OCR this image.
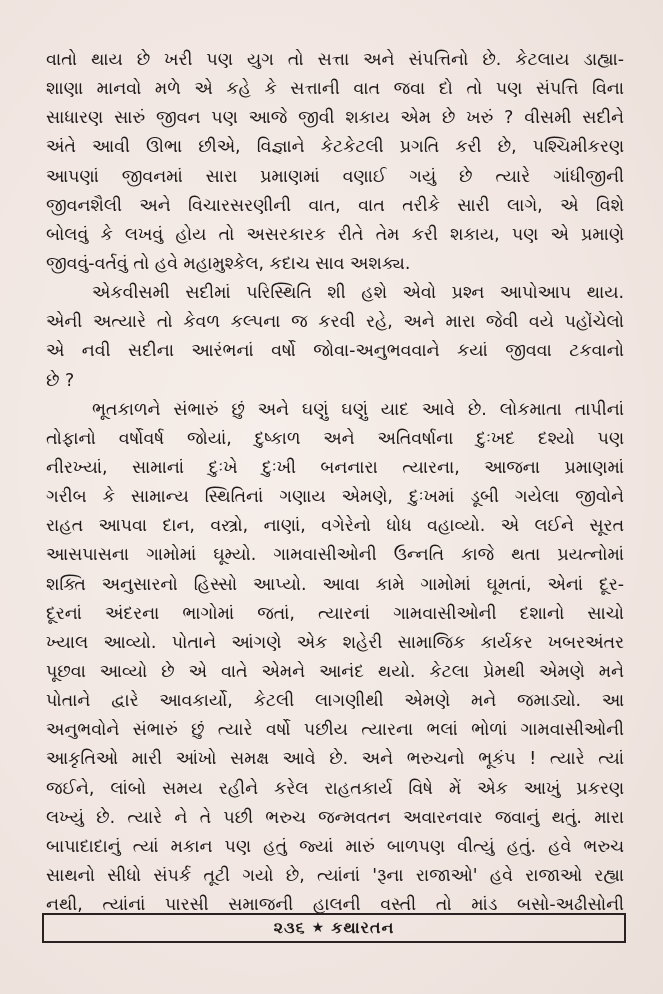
વાતો થાય છે ખરી પણ યુગ તો સત્તા અને સંપત્તિનો છે. કેટલાય ડાહ્યા-
શાણા માનવો મળે એ કહે કે સત્તાની વાત જવા દો તો પણ સંપત્તિ વિના
સાધારણ સારું જીવન પણ આજે જીવી શકાય એમ છે ખરું ? વીસમી સદીને
અંતે આવી ઊભા છીએ, વિજ્ઞાને કેટકેટલી પ્રગતિ કરી છે, પશ્ચિમીકરણ
આપણાં જીવનમાં સારા પ્રમાણમાં વણાઈ ગયું છે ત્યારે ગાંધીજીની
જીવનશૈલી અને વિચારસરણીની વાત, વાત તરીકે સારી લાગે, એ વિશે
બોલવું કે લખવું હોય તો અસરકારક રીતે તેમ કરી શકાય, પણ એ પ્રમાણે
જીવવું-વર્તવું તો હવે મહામુશ્કેલ, કદાચ સાવ અશક્ય.
એકવીસમી સદીમાં પરિસ્થિતિ શી હશે એવો પ્રશ્ન આપોઆપ થાય.
એની અત્યારે તો કેવળ કલ્પના જ કરવી રહે, અને મારા જેવી વયે પહોંચેલો
એ નવી સદીના આરંભનાં વર્ષો જોવા-અનુભવવાને કયાં જીવવા ટકવાનો
છે ?
ભૂતકાળને સંભારું છું અને ઘણું ઘણું યાદ આવે છે. લોકમાતા તાપીનાં
તોફાનો વર્ષોવર્ષ જોયાં, દુષ્કાળ અને અતિવર્ષાના દુઃખદ દશ્યો પણ
નીરખ્યાં, સામાનાં દુઃખે દુઃખી બનનારા ત્યારના, આજના પ્રમાણમાં
ગરીબ કે સામાન્ય સ્થિતિનાં ગણાય એમણે, દુઃખમાં ડૂબી ગયેલા જીવોને
રાહત આપવા દાન, વસ્ત્રો, નાણાં, વગેરેનો ધોધ વહાવ્યો. એ લઈને સૂરત
આસપાસના ગામોમાં ઘૂમ્યો. ગામવાસીઓની ઉન્નતિ કાજે થતા પ્રયત્નોમાં
શક્તિ અનુસારનો હિસ્સો આપ્યો. આવા કામે ગામોમાં ઘૂમતાં, એનાં દૂર-
દૂરનાં અંદરના ભાગોમાં જતાં, ત્યારનાં ગામવાસીઓની દશાનો સાચો
ખ્યાલ આવ્યો. પોતાને આંગણે એક શહેરી સામાજિક કાર્યકર ખબરઅંતર
પૂછવા આવ્યો છે એ વાતે એમને આનંદ થયો. કેટલા પ્રેમથી એમણે મને
પોતાને દ્વારે આવકાર્યો, કેટલી લાગણીથી એમણે મને જમાડ્યો. આ
અનુભવોને સંભારું છું ત્યારે વર્ષો પછીય ત્યારના ભલાં ભોળાં ગામવાસીઓની
આકૃતિઓ મારી આંખો સમક્ષ આવે છે. અને ભરુચનો ભૂકંપ ! ત્યારે ત્યાં
જઈને, લાંબો સમય રહીને કરેલ રાહતકાર્ય વિષે મેં એક આખું પ્રકરણ
લખ્યું છે. ત્યારે ને તે પછી ભરુચ જન્મવતન અવારનવાર જવાનું થતું. મારા
બાપાદાદાનું ત્યાં મકાન પણ હતું જ્યાં મારું બાળપણ વીત્યું હતું. હવે ભરુચ
સાથનો સીધો સંપર્ક તૂટી ગયો છે, ત્યાંનાં 'રૂના રાજાઓ' હવે રાજાઓ રહ્યા
નથી, ત્યાંનાં પારસી સમાજની હાલની વસ્તી તો માંડ બસો-અઢીસોની
૨૩૬ ★ કથારતન
